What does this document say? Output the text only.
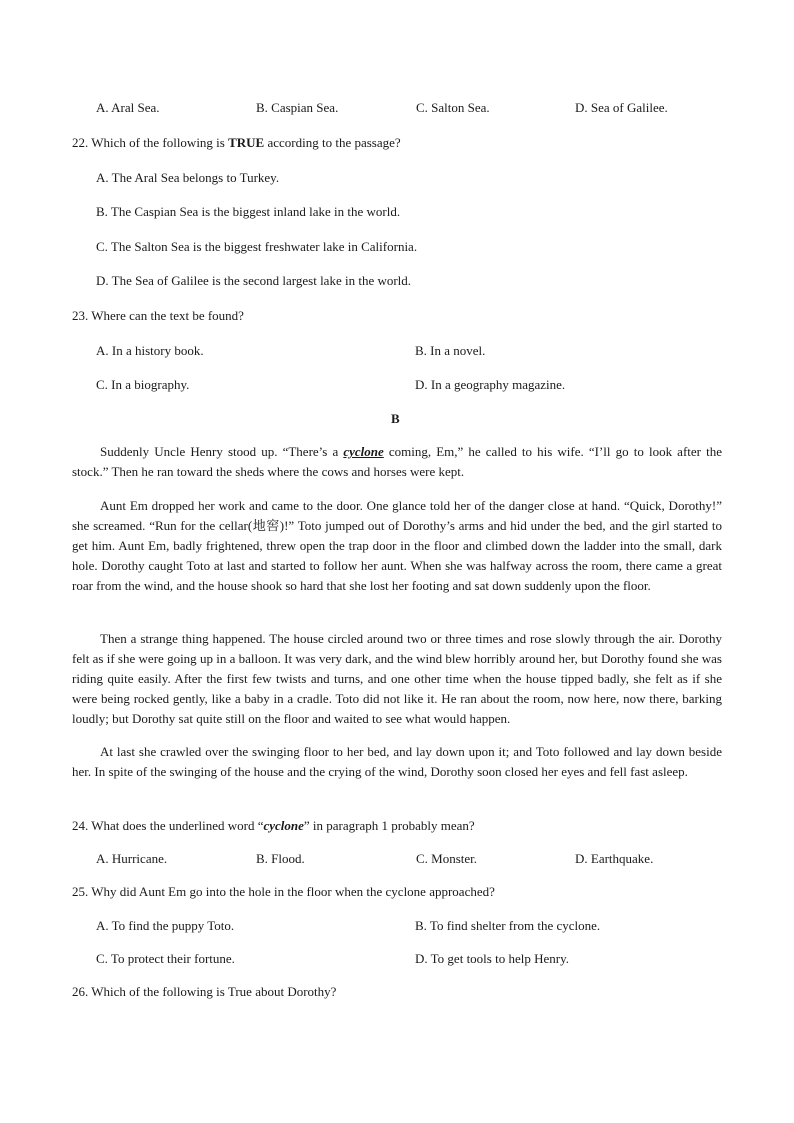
A. Aral Sea.	B. Caspian Sea.	C. Salton Sea.	D. Sea of Galilee.
22. Which of the following is TRUE according to the passage?
A. The Aral Sea belongs to Turkey.
B. The Caspian Sea is the biggest inland lake in the world.
C. The Salton Sea is the biggest freshwater lake in California.
D. The Sea of Galilee is the second largest lake in the world.
23. Where can the text be found?
A. In a history book.	B. In a novel.
C. In a biography.	D. In a geography magazine.
B

Suddenly Uncle Henry stood up. “There’s a cyclone coming, Em,” he called to his wife. “I’ll go to look after the stock.” Then he ran toward the sheds where the cows and horses were kept.

Aunt Em dropped her work and came to the door. One glance told her of the danger close at hand. “Quick, Dorothy!” she screamed. “Run for the cellar(地窖)!” Toto jumped out of Dorothy’s arms and hid under the bed, and the girl started to get him. Aunt Em, badly frightened, threw open the trap door in the floor and climbed down the ladder into the small, dark hole. Dorothy caught Toto at last and started to follow her aunt. When she was halfway across the room, there came a great roar from the wind, and the house shook so hard that she lost her footing and sat down suddenly upon the floor.

Then a strange thing happened. The house circled around two or three times and rose slowly through the air. Dorothy felt as if she were going up in a balloon. It was very dark, and the wind blew horribly around her, but Dorothy found she was riding quite easily. After the first few twists and turns, and one other time when the house tipped badly, she felt as if she were being rocked gently, like a baby in a cradle. Toto did not like it. He ran about the room, now here, now there, barking loudly; but Dorothy sat quite still on the floor and waited to see what would happen.

At last she crawled over the swinging floor to her bed, and lay down upon it; and Toto followed and lay down beside her. In spite of the swinging of the house and the crying of the wind, Dorothy soon closed her eyes and fell fast asleep.

24. What does the underlined word “cyclone” in paragraph 1 probably mean?
A. Hurricane.	B. Flood.	C. Monster.	D. Earthquake.
25. Why did Aunt Em go into the hole in the floor when the cyclone approached?
A. To find the puppy Toto.	B. To find shelter from the cyclone.
C. To protect their fortune.	D. To get tools to help Henry.
26. Which of the following is True about Dorothy?
